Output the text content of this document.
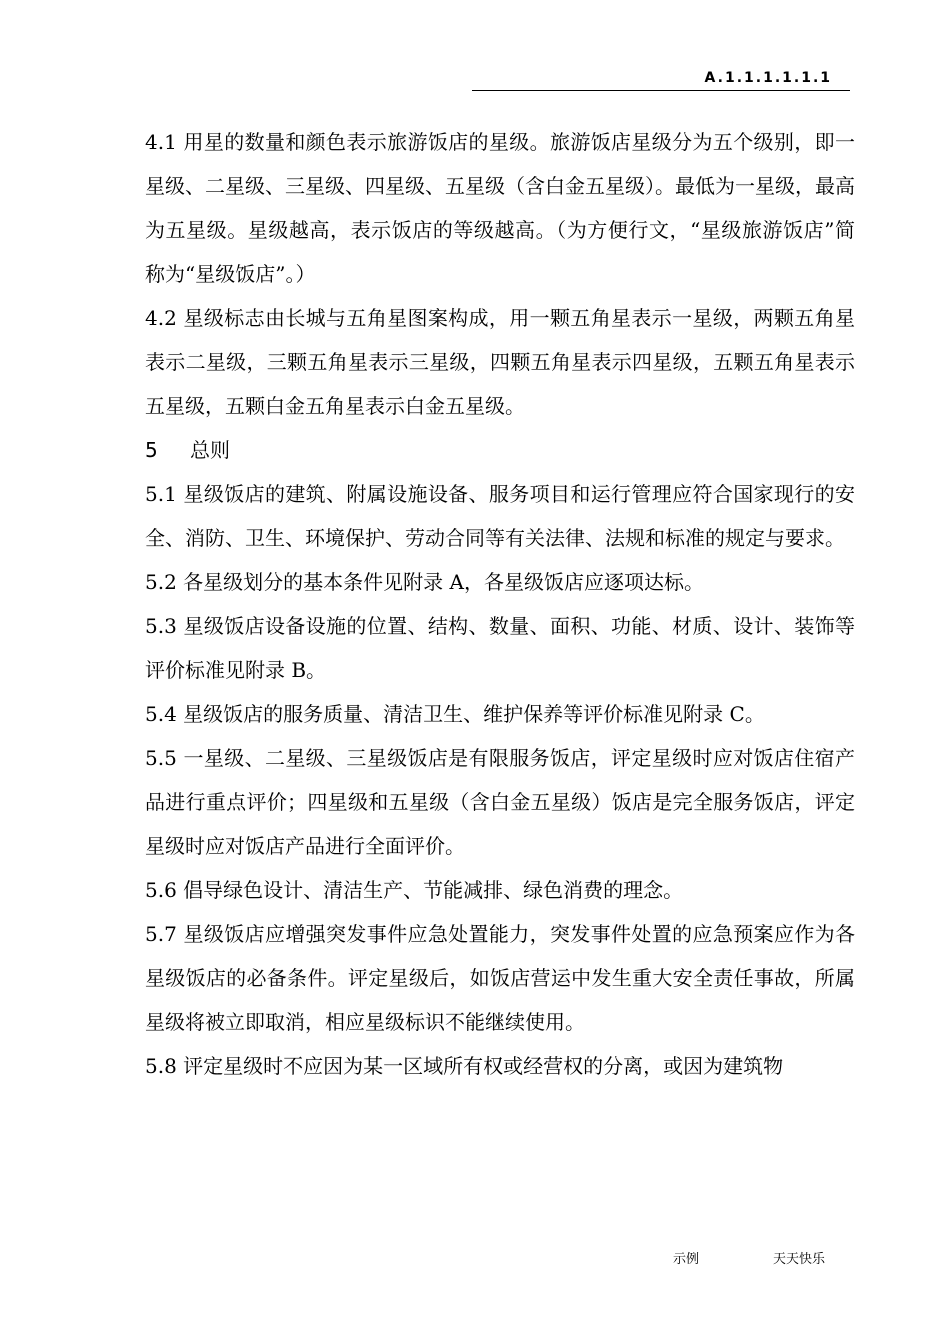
A.1.1.1.1.1.1

4.1 用星的数量和颜色表示旅游饭店的星级。旅游饭店星级分为五个级别，即一星级、二星级、三星级、四星级、五星级（含白金五星级）。最低为一星级，最高为五星级。星级越高，表示饭店的等级越高。（为方便行文，“星级旅游饭店”简称为“星级饭店”。）

4.2 星级标志由长城与五角星图案构成，用一颗五角星表示一星级，两颗五角星表示二星级，三颗五角星表示三星级，四颗五角星表示四星级，五颗五角星表示五星级，五颗白金五角星表示白金五星级。

5 总则

5.1 星级饭店的建筑、附属设施设备、服务项目和运行管理应符合国家现行的安全、消防、卫生、环境保护、劳动合同等有关法律、法规和标准的规定与要求。

5.2 各星级划分的基本条件见附录 A，各星级饭店应逐项达标。

5.3 星级饭店设备设施的位置、结构、数量、面积、功能、材质、设计、装饰等评价标准见附录 B。

5.4 星级饭店的服务质量、清洁卫生、维护保养等评价标准见附录 C。

5.5 一星级、二星级、三星级饭店是有限服务饭店，评定星级时应对饭店住宿产品进行重点评价；四星级和五星级（含白金五星级）饭店是完全服务饭店，评定星级时应对饭店产品进行全面评价。

5.6 倡导绿色设计、清洁生产、节能减排、绿色消费的理念。

5.7 星级饭店应增强突发事件应急处置能力，突发事件处置的应急预案应作为各星级饭店的必备条件。评定星级后，如饭店营运中发生重大安全责任事故，所属星级将被立即取消，相应星级标识不能继续使用。

5.8 评定星级时不应因为某一区域所有权或经营权的分离，或因为建筑物

示例	天天快乐
